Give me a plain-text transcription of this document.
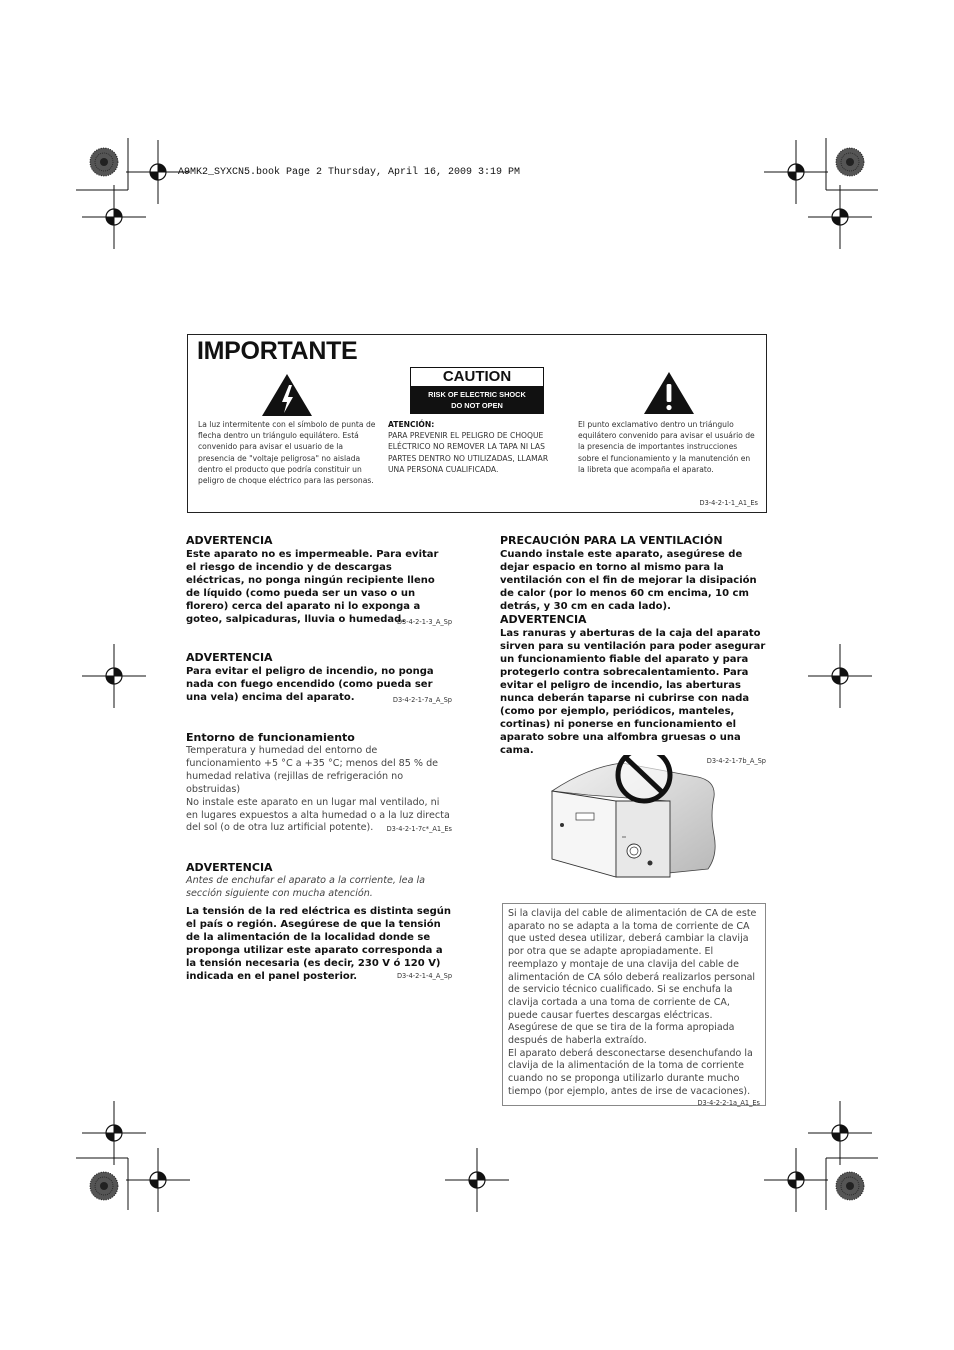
A9MK2_SYXCN5.book Page 2 Thursday, April 16, 2009 3:19 PM
IMPORTANTE
CAUTION
RISK OF ELECTRIC SHOCK
DO NOT OPEN
La luz intermitente con el símbolo de punta de flecha dentro un triángulo equilátero. Está convenido para avisar el usuario de la presencia de "voltaje peligrosa" no aislada dentro el producto que podría constituir un peligro de choque eléctrico para las personas.
ATENCIÓN:
PARA PREVENIR EL PELIGRO DE CHOQUE ELÉCTRICO NO REMOVER LA TAPA NI LAS PARTES DENTRO NO UTILIZADAS, LLAMAR UNA PERSONA CUALIFICADA.
El punto exclamativo dentro un triángulo equilátero convenido para avisar el usuário de la presencia de importantes instrucciones sobre el funcionamiento y la manutención en la libreta que acompaña el aparato.
D3-4-2-1-1_A1_Es
ADVERTENCIA
Este aparato no es impermeable. Para evitar el riesgo de incendio y de descargas eléctricas, no ponga ningún recipiente lleno de líquido (como pueda ser un vaso o un florero) cerca del aparato ni lo exponga a goteo, salpicaduras, lluvia o humedad.
D3-4-2-1-3_A_Sp
ADVERTENCIA
Para evitar el peligro de incendio, no ponga nada con fuego encendido (como pueda ser una vela) encima del aparato.	D3-4-2-1-7a_A_Sp
Entorno de funcionamiento
Temperatura y humedad del entorno de funcionamiento +5 °C a +35 °C; menos del 85 % de humedad relativa (rejillas de refrigeración no obstruidas)
No instale este aparato en un lugar mal ventilado, ni en lugares expuestos a alta humedad o a la luz directa del sol (o de otra luz artificial potente).	D3-4-2-1-7c*_A1_Es
ADVERTENCIA
Antes de enchufar el aparato a la corriente, lea la sección siguiente con mucha atención.
La tensión de la red eléctrica es distinta según el país o región. Asegúrese de que la tensión de la alimentación de la localidad donde se proponga utilizar este aparato corresponda a la tensión necesaria (es decir, 230 V ó 120 V) indicada en el panel posterior.	D3-4-2-1-4_A_Sp
PRECAUCIÓN PARA LA VENTILACIÓN
Cuando instale este aparato, asegúrese de dejar espacio en torno al mismo para la ventilación con el fin de mejorar la disipación de calor (por lo menos 60 cm encima, 10 cm detrás, y 30 cm en cada lado).
ADVERTENCIA
Las ranuras y aberturas de la caja del aparato sirven para su ventilación para poder asegurar un funcionamiento fiable del aparato y para protegerlo contra sobrecalentamiento. Para evitar el peligro de incendio, las aberturas nunca deberán taparse ni cubrirse con nada (como por ejemplo, periódicos, manteles, cortinas) ni ponerse en funcionamiento el aparato sobre una alfombra gruesas o una cama.
D3-4-2-1-7b_A_Sp
Si la clavija del cable de alimentación de CA de este aparato no se adapta a la toma de corriente de CA que usted desea utilizar, deberá cambiar la clavija por otra que se adapte apropiadamente. El reemplazo y montaje de una clavija del cable de alimentación de CA sólo deberá realizarlos personal de servicio técnico cualificado. Si se enchufa la clavija cortada a una toma de corriente de CA, puede causar fuertes descargas eléctricas. Asegúrese de que se tira de la forma apropiada después de haberla extraído.
El aparato deberá desconectarse desenchufando la clavija de la alimentación de la toma de corriente cuando no se proponga utilizarlo durante mucho tiempo (por ejemplo, antes de irse de vacaciones).
D3-4-2-2-1a_A1_Es
